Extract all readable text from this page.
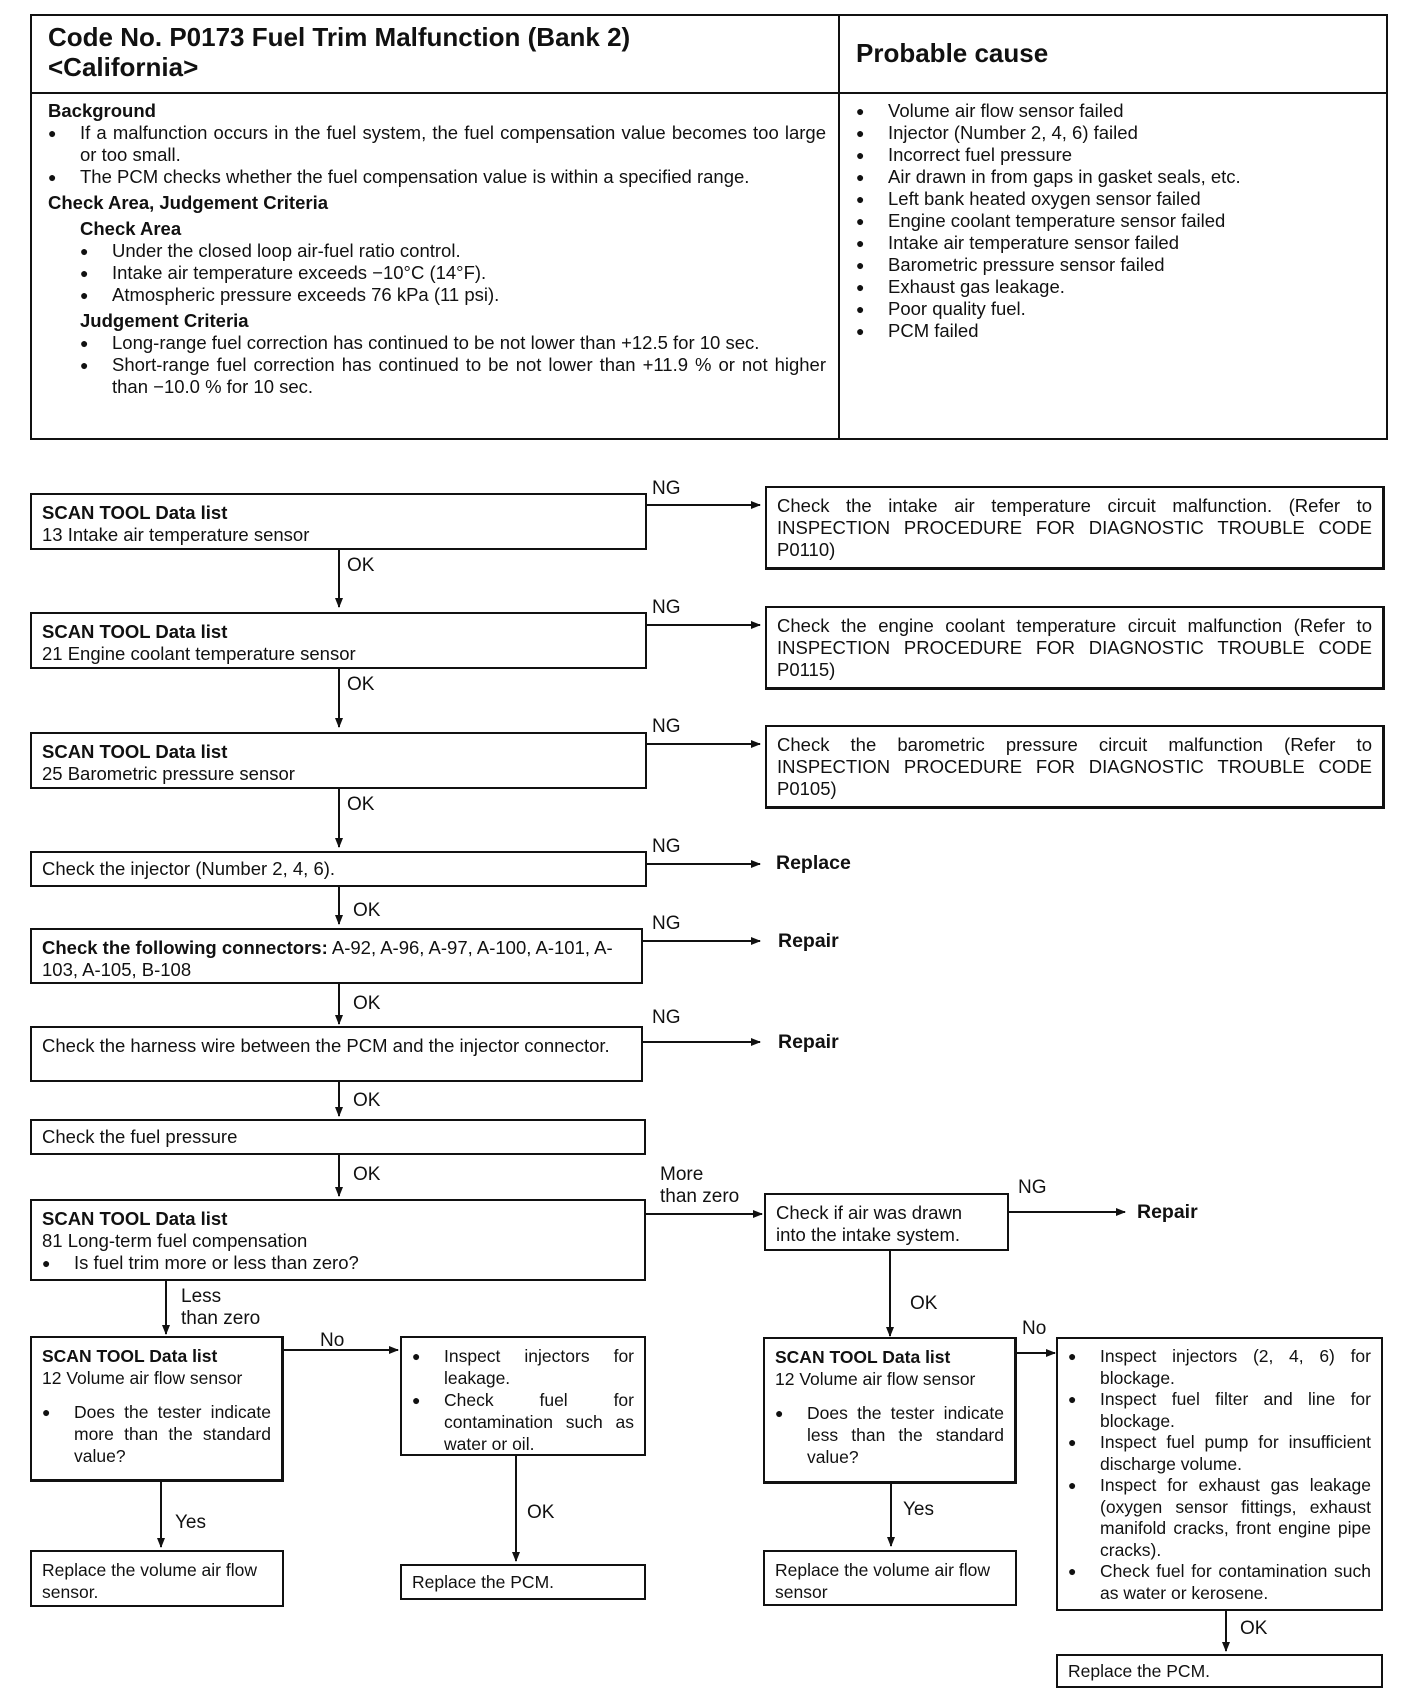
Code No. P0173 Fuel Trim Malfunction (Bank 2)
<California>	Probable cause
Background
● If a malfunction occurs in the fuel system, the fuel compensation value becomes too large or too small.
● The PCM checks whether the fuel compensation value is within a specified range.
Check Area, Judgement Criteria
Check Area
● Under the closed loop air-fuel ratio control.
● Intake air temperature exceeds −10°C (14°F).
● Atmospheric pressure exceeds 76 kPa (11 psi).
Judgement Criteria
● Long-range fuel correction has continued to be not lower than +12.5 for 10 sec.
● Short-range fuel correction has continued to be not lower than +11.9 % or not higher than −10.0 % for 10 sec.
● Volume air flow sensor failed
● Injector (Number 2, 4, 6) failed
● Incorrect fuel pressure
● Air drawn in from gaps in gasket seals, etc.
● Left bank heated oxygen sensor failed
● Engine coolant temperature sensor failed
● Intake air temperature sensor failed
● Barometric pressure sensor failed
● Exhaust gas leakage.
● Poor quality fuel.
● PCM failed
SCAN TOOL Data list
13 Intake air temperature sensor
Check the intake air temperature circuit malfunction. (Refer to INSPECTION PROCEDURE FOR DIAGNOSTIC TROUBLE CODE P0110)
SCAN TOOL Data list
21 Engine coolant temperature sensor
Check the engine coolant temperature circuit malfunction (Refer to INSPECTION PROCEDURE FOR DIAGNOSTIC TROUBLE CODE P0115)
SCAN TOOL Data list
25 Barometric pressure sensor
Check the barometric pressure circuit malfunction (Refer to INSPECTION PROCEDURE FOR DIAGNOSTIC TROUBLE CODE P0105)
Check the injector (Number 2, 4, 6).
Check the following connectors: A-92, A-96, A-97, A-100, A-101, A-103, A-105, B-108
Check the harness wire between the PCM and the injector connector.
Check the fuel pressure
SCAN TOOL Data list
81 Long-term fuel compensation
● Is fuel trim more or less than zero?
Check if air was drawn into the intake system.
SCAN TOOL Data list
12 Volume air flow sensor
● Does the tester indicate more than the standard value?
● Inspect injectors for leakage.
● Check fuel for contamination such as water or oil.
Replace the volume air flow sensor.	Replace the PCM.
SCAN TOOL Data list
12 Volume air flow sensor
● Does the tester indicate less than the standard value?
● Inspect injectors (2, 4, 6) for blockage.
● Inspect fuel filter and line for blockage.
● Inspect fuel pump for insufficient discharge volume.
● Inspect for exhaust gas leakage (oxygen sensor fittings, exhaust manifold cracks, front engine pipe cracks).
● Check fuel for contamination such as water or kerosene.
Replace the volume air flow sensor
Replace the PCM.
Replace
Repair
Repair
Repair
NG
NG
NG
NG
NG
NG
NG
OK
OK
OK
OK
OK
OK
OK
OK
OK
OK
Yes
Yes
No
No
More than zero
Less than zero
